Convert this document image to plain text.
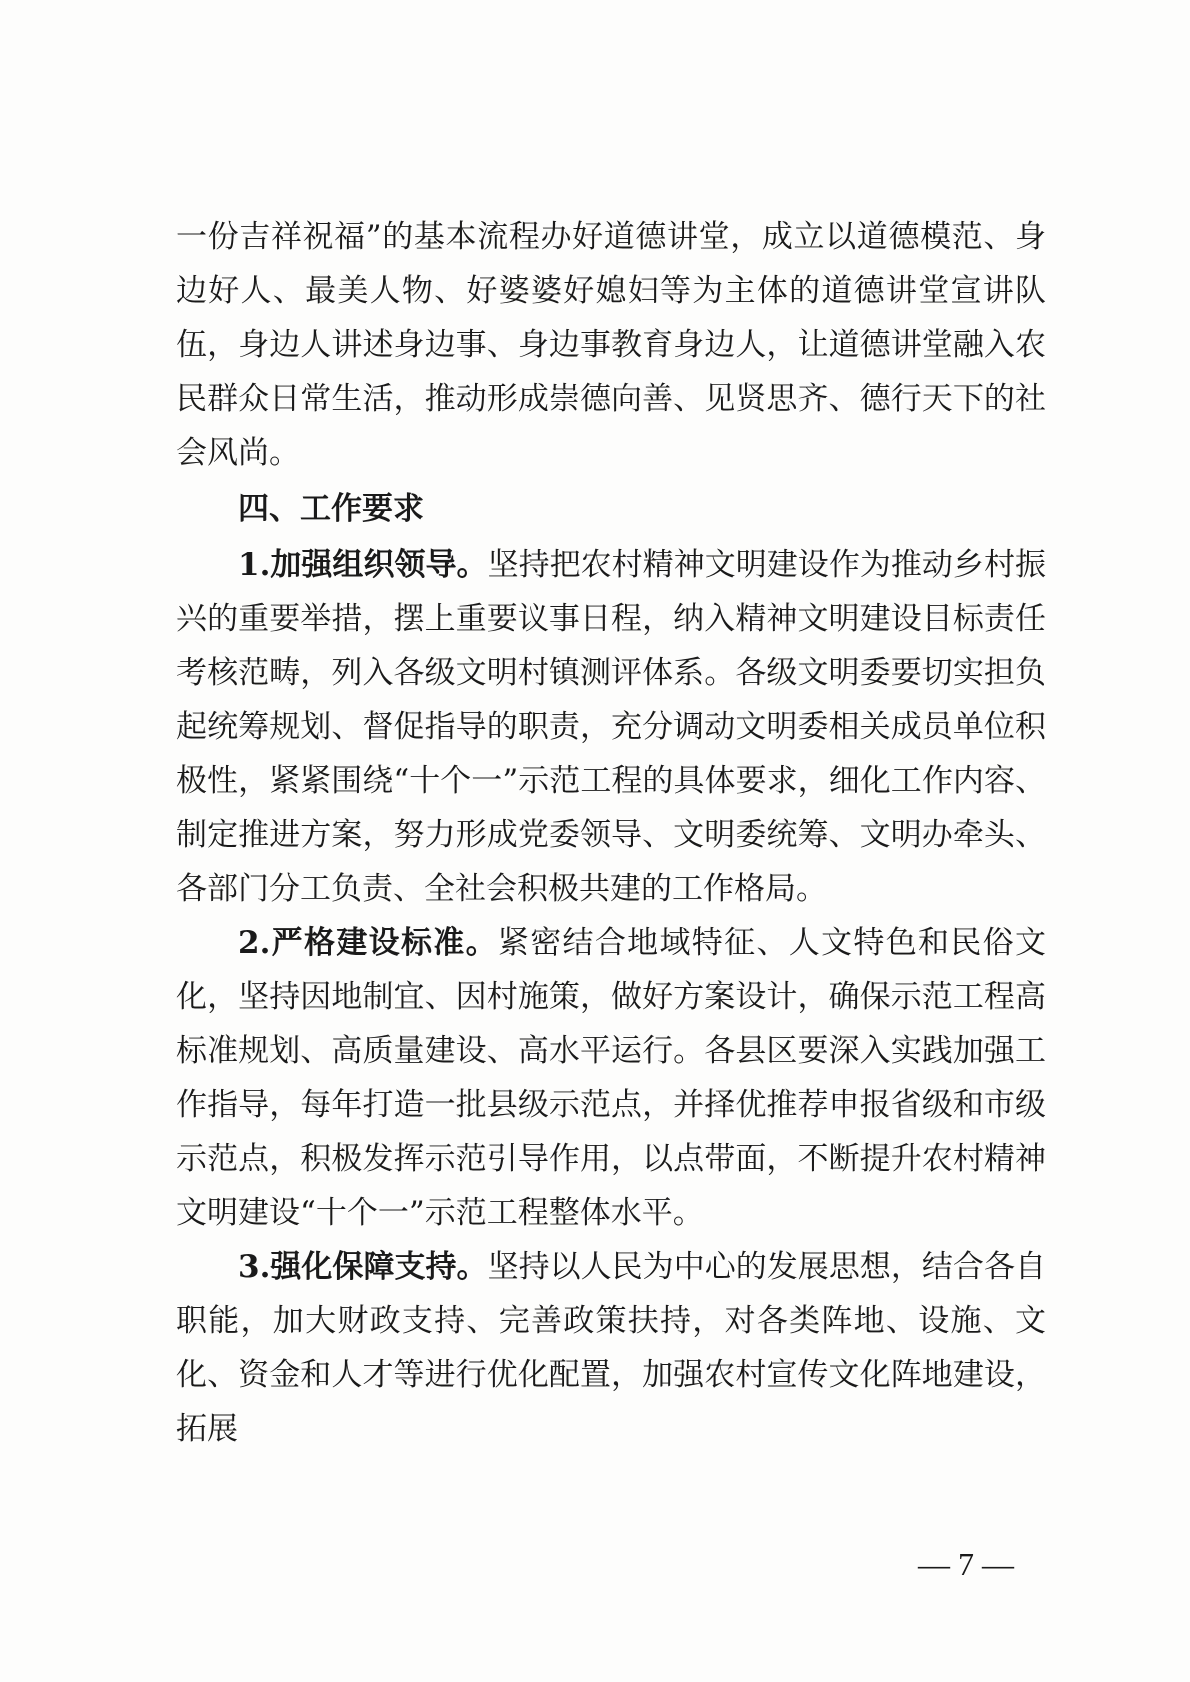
一份吉祥祝福”的基本流程办好道德讲堂，成立以道德模范、身边好人、最美人物、好婆婆好媳妇等为主体的道德讲堂宣讲队伍，身边人讲述身边事、身边事教育身边人，让道德讲堂融入农民群众日常生活，推动形成崇德向善、见贤思齐、德行天下的社会风尚。

四、工作要求

1.加强组织领导。坚持把农村精神文明建设作为推动乡村振兴的重要举措，摆上重要议事日程，纳入精神文明建设目标责任考核范畴，列入各级文明村镇测评体系。各级文明委要切实担负起统筹规划、督促指导的职责，充分调动文明委相关成员单位积极性，紧紧围绕“十个一”示范工程的具体要求，细化工作内容、制定推进方案，努力形成党委领导、文明委统筹、文明办牵头、各部门分工负责、全社会积极共建的工作格局。

2.严格建设标准。紧密结合地域特征、人文特色和民俗文化，坚持因地制宜、因村施策，做好方案设计，确保示范工程高标准规划、高质量建设、高水平运行。各县区要深入实践加强工作指导，每年打造一批县级示范点，并择优推荐申报省级和市级示范点，积极发挥示范引导作用，以点带面，不断提升农村精神文明建设“十个一”示范工程整体水平。

3.强化保障支持。坚持以人民为中心的发展思想，结合各自职能，加大财政支持、完善政策扶持，对各类阵地、设施、文化、资金和人才等进行优化配置，加强农村宣传文化阵地建设，拓展

— 7 —
